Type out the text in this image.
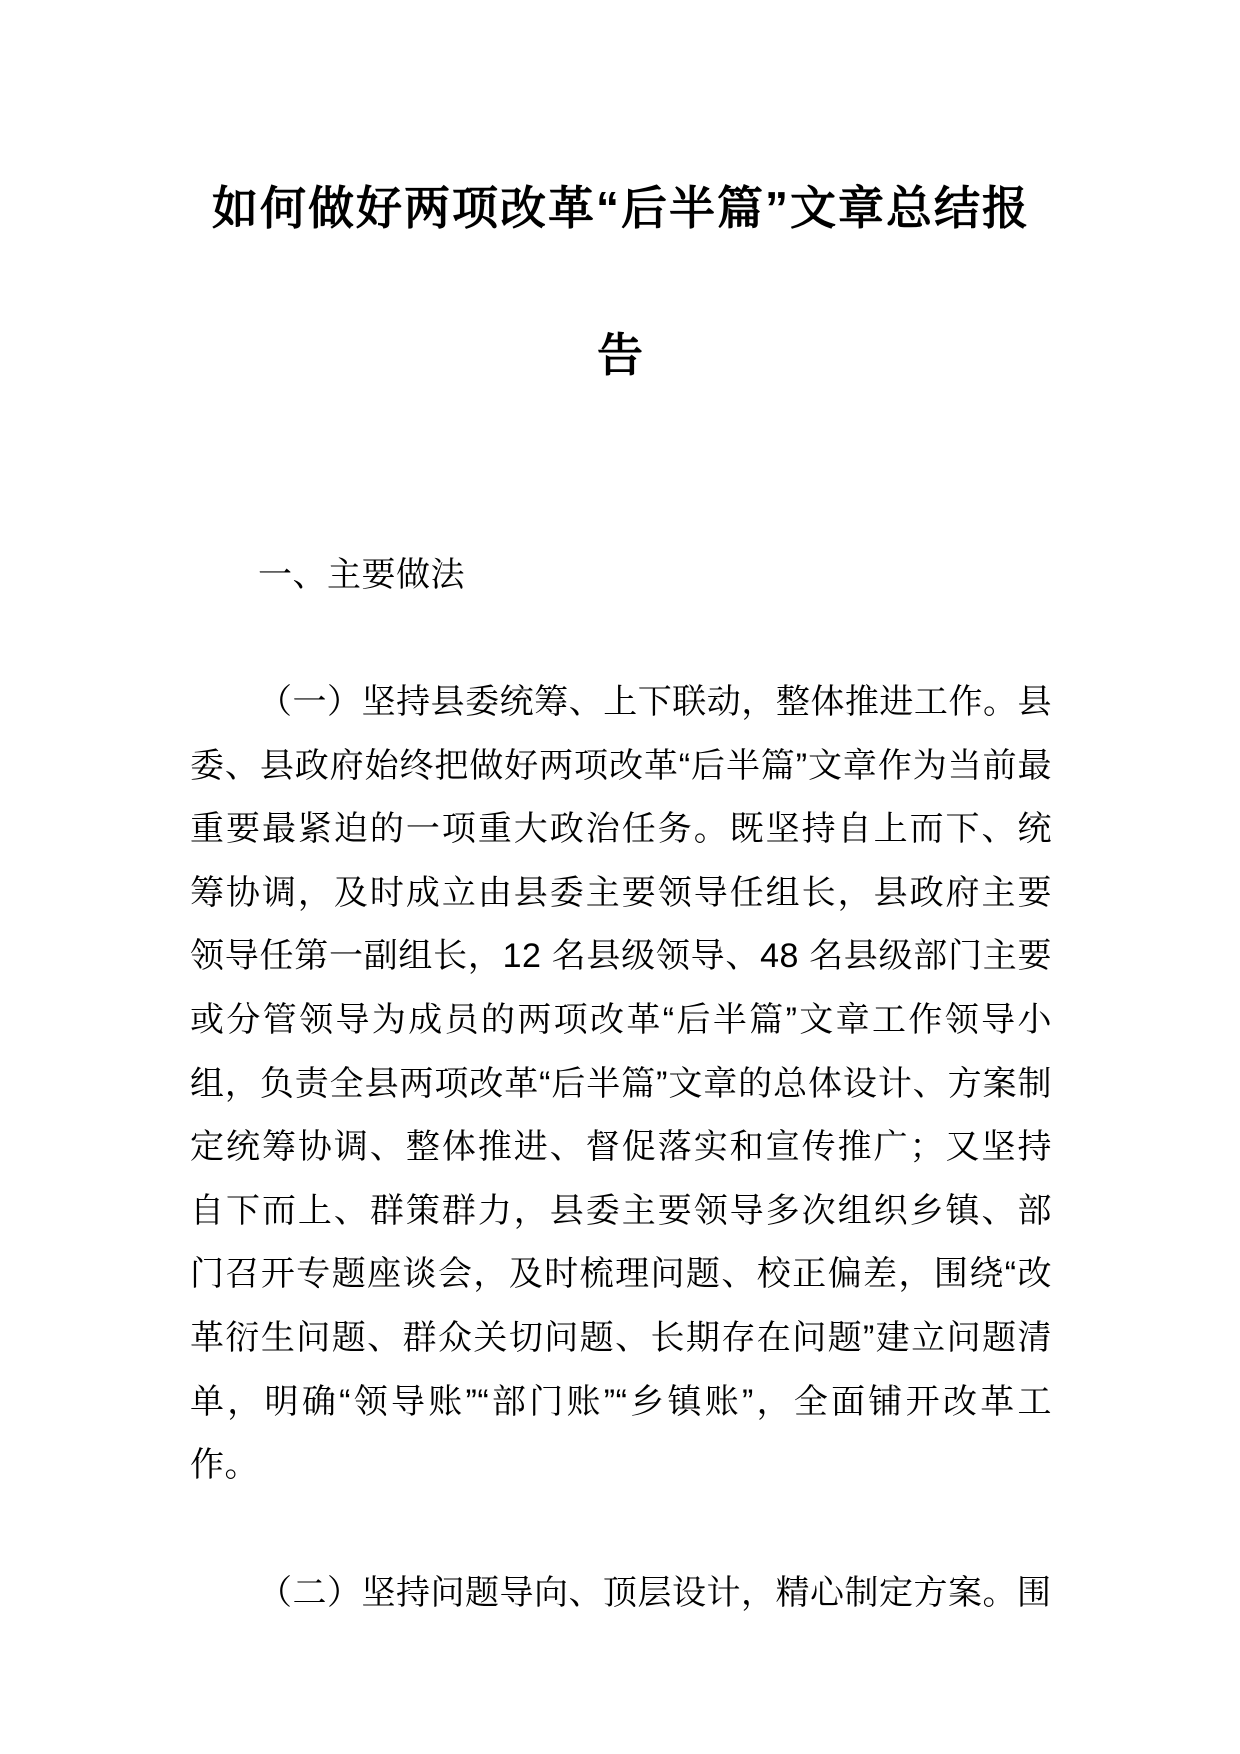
如何做好两项改革“后半篇”文章总结报
告
一、主要做法

（一）坚持县委统筹、上下联动，整体推进工作。县委、县政府始终把做好两项改革“后半篇”文章作为当前最重要最紧迫的一项重大政治任务。既坚持自上而下、统筹协调，及时成立由县委主要领导任组长，县政府主要领导任第一副组长，12 名县级领导、48 名县级部门主要或分管领导为成员的两项改革“后半篇”文章工作领导小组，负责全县两项改革“后半篇”文章的总体设计、方案制定统筹协调、整体推进、督促落实和宣传推广；又坚持自下而上、群策群力，县委主要领导多次组织乡镇、部门召开专题座谈会，及时梳理问题、校正偏差，围绕“改革衍生问题、群众关切问题、长期存在问题”建立问题清单，明确“领导账”“部门账”“乡镇账”，全面铺开改革工作。

（二）坚持问题导向、顶层设计，精心制定方案。围
